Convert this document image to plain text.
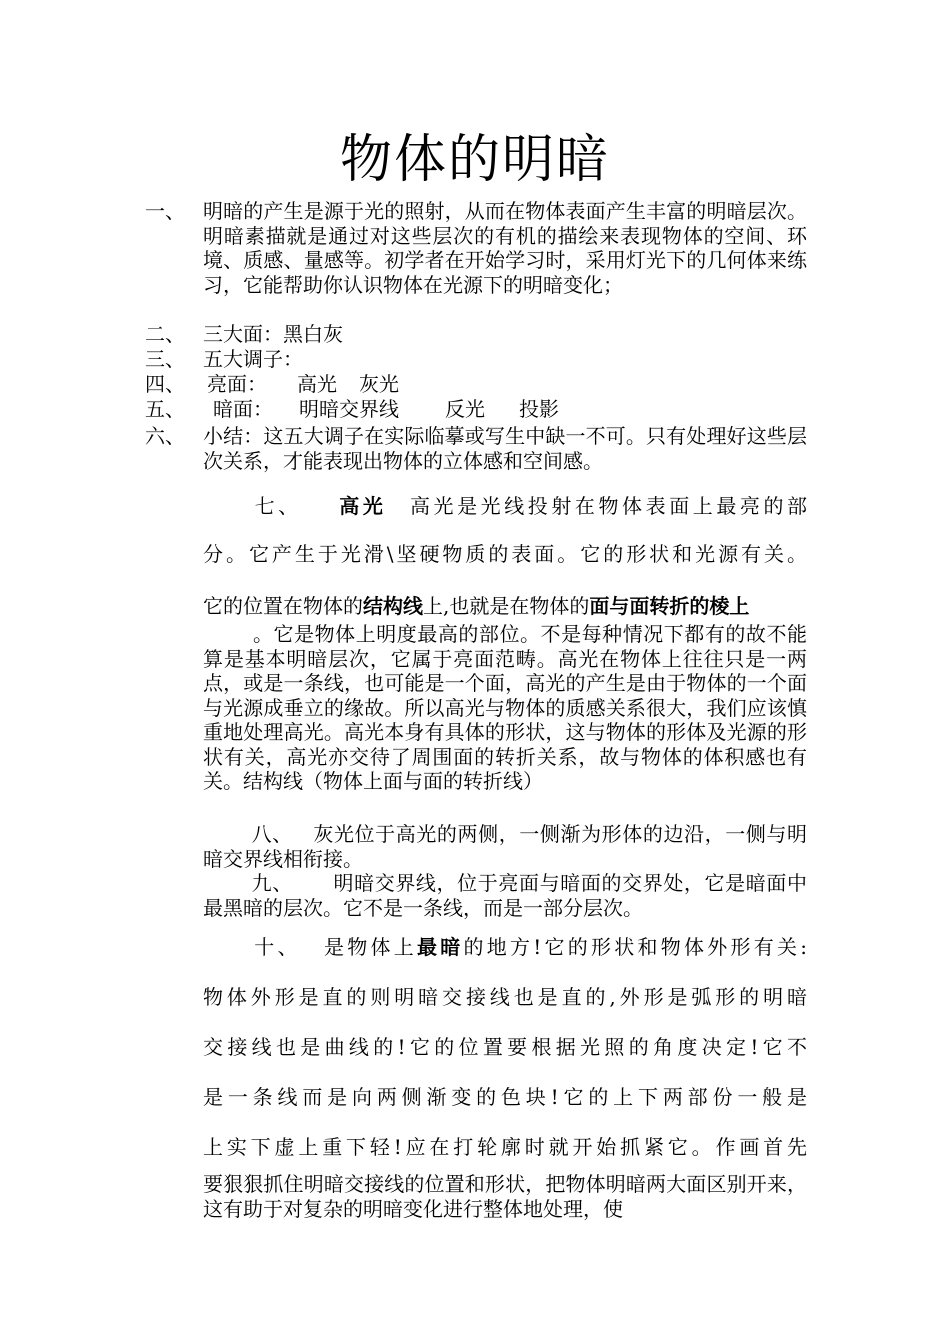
物体的明暗
一、 明暗的产生是源于光的照射，从而在物体表面产生丰富的明暗层次。明暗素描就是通过对这些层次的有机的描绘来表现物体的空间、环境、质感、量感等。初学者在开始学习时，采用灯光下的几何体来练习，它能帮助你认识物体在光源下的明暗变化；
二、 三大面：黑白灰
三、 五大调子：
四、 亮面： 高光 灰光
五、 暗面： 明暗交界线 反光 投影
六、 小结：这五大调子在实际临摹或写生中缺一不可。只有处理好这些层次关系，才能表现出物体的立体感和空间感。
七、 高光 高光是光线投射在物体表面上最亮的部
分。它产生于光滑\坚硬物质的表面。它的形状和光源有关。
它的位置在物体的结构线上,也就是在物体的面与面转折的棱上
。它是物体上明度最高的部位。不是每种情况下都有的故不能算是基本明暗层次，它属于亮面范畴。高光在物体上往往只是一两点，或是一条线，也可能是一个面，高光的产生是由于物体的一个面与光源成垂立的缘故。所以高光与物体的质感关系很大，我们应该慎重地处理高光。高光本身有具体的形状，这与物体的形体及光源的形状有关，高光亦交待了周围面的转折关系，故与物体的体积感也有关。结构线（物体上面与面的转折线）
八、 灰光位于高光的两侧，一侧渐为形体的边沿，一侧与明暗交界线相衔接。
九、 明暗交界线，位于亮面与暗面的交界处，它是暗面中最黑暗的层次。它不是一条线，而是一部分层次。
十、 是物体上最暗的地方!它的形状和物体外形有关:
物体外形是直的则明暗交接线也是直的,外形是弧形的明暗
交接线也是曲线的!它的位置要根据光照的角度决定!它不
是一条线而是向两侧渐变的色块!它的上下两部份一般是
上实下虚上重下轻!应在打轮廓时就开始抓紧它。作画首先
要狠狠抓住明暗交接线的位置和形状，把物体明暗两大面区别开来，这有助于对复杂的明暗变化进行整体地处理，使
